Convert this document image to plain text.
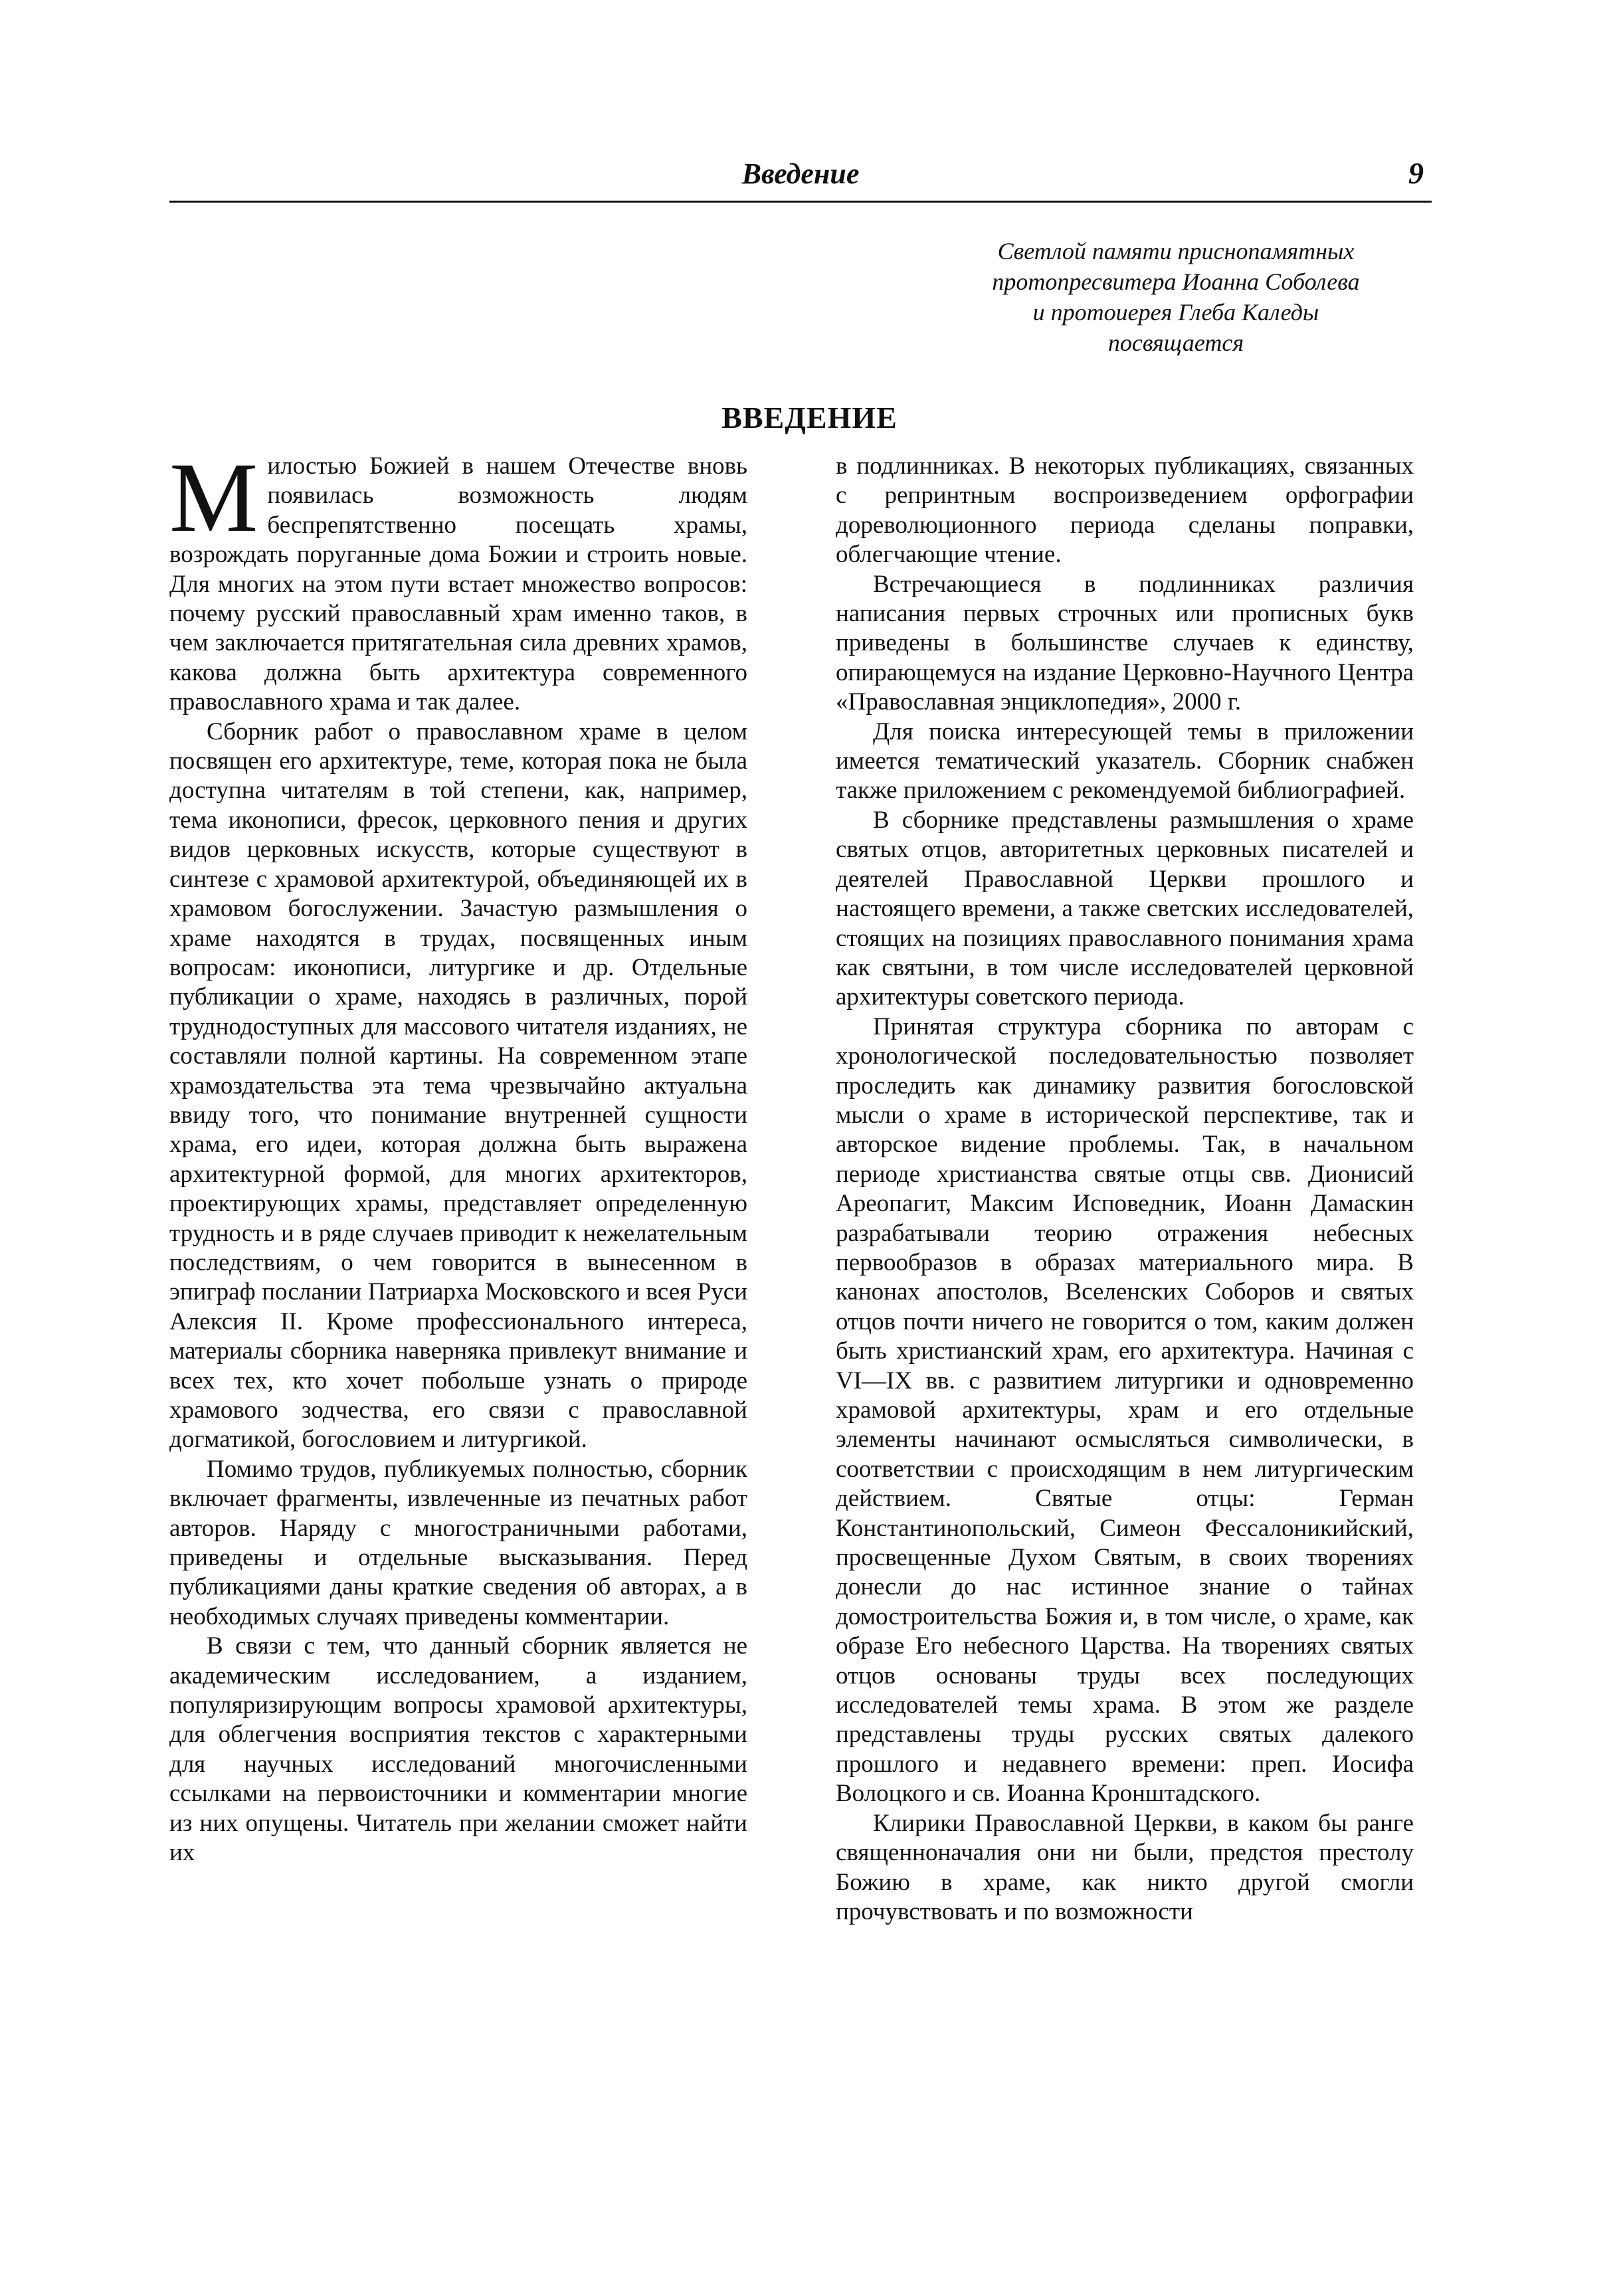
Введение	9
Светлой памяти приснопамятных
протопресвитера Иоанна Соболева
и протоиерея Глеба Каледы
посвящается
ВВЕДЕНИЕ

Милостью Божией в нашем Отечестве вновь появилась возможность людям беспрепятственно посещать храмы, возрождать поруганные дома Божии и строить новые. Для многих на этом пути встает множество вопросов: почему русский православный храм именно таков, в чем заключается притягательная сила древних храмов, какова должна быть архитектура современного православного храма и так далее.

Сборник работ о православном храме в целом посвящен его архитектуре, теме, которая пока не была доступна читателям в той степени, как, например, тема иконописи, фресок, церковного пения и других видов церковных искусств, которые существуют в синтезе с храмовой архитектурой, объединяющей их в храмовом богослужении. Зачастую размышления о храме находятся в трудах, посвященных иным вопросам: иконописи, литургике и др. Отдельные публикации о храме, находясь в различных, порой труднодоступных для массового читателя изданиях, не составляли полной картины. На современном этапе храмоздательства эта тема чрезвычайно актуальна ввиду того, что понимание внутренней сущности храма, его идеи, которая должна быть выражена архитектурной формой, для многих архитекторов, проектирующих храмы, представляет определенную трудность и в ряде случаев приводит к нежелательным последствиям, о чем говорится в вынесенном в эпиграф послании Патриарха Московского и всея Руси Алексия II. Кроме профессионального интереса, материалы сборника наверняка привлекут внимание и всех тех, кто хочет побольше узнать о природе храмового зодчества, его связи с православной догматикой, богословием и литургикой.

Помимо трудов, публикуемых полностью, сборник включает фрагменты, извлеченные из печатных работ авторов. Наряду с многостраничными работами, приведены и отдельные высказывания. Перед публикациями даны краткие сведения об авторах, а в необходимых случаях приведены комментарии.

В связи с тем, что данный сборник является не академическим исследованием, а изданием, популяризирующим вопросы храмовой архитектуры, для облегчения восприятия текстов с характерными для научных исследований многочисленными ссылками на первоисточники и комментарии многие из них опущены. Читатель при желании сможет найти их

в подлинниках. В некоторых публикациях, связанных с репринтным воспроизведением орфографии дореволюционного периода сделаны поправки, облегчающие чтение.

Встречающиеся в подлинниках различия написания первых строчных или прописных букв приведены в большинстве случаев к единству, опирающемуся на издание Церковно-Научного Центра «Православная энциклопедия», 2000 г.

Для поиска интересующей темы в приложении имеется тематический указатель. Сборник снабжен также приложением с рекомендуемой библиографией.

В сборнике представлены размышления о храме святых отцов, авторитетных церковных писателей и деятелей Православной Церкви прошлого и настоящего времени, а также светских исследователей, стоящих на позициях православного понимания храма как святыни, в том числе исследователей церковной архитектуры советского периода.

Принятая структура сборника по авторам с хронологической последовательностью позволяет проследить как динамику развития богословской мысли о храме в исторической перспективе, так и авторское видение проблемы. Так, в начальном периоде христианства святые отцы свв. Дионисий Ареопагит, Максим Исповедник, Иоанн Дамаскин разрабатывали теорию отражения небесных первообразов в образах материального мира. В канонах апостолов, Вселенских Соборов и святых отцов почти ничего не говорится о том, каким должен быть христианский храм, его архитектура. Начиная с VI—IX вв. с развитием литургики и одновременно храмовой архитектуры, храм и его отдельные элементы начинают осмысляться символически, в соответствии с происходящим в нем литургическим действием. Святые отцы: Герман Константинопольский, Симеон Фессалоникийский, просвещенные Духом Святым, в своих творениях донесли до нас истинное знание о тайнах домостроительства Божия и, в том числе, о храме, как образе Его небесного Царства. На творениях святых отцов основаны труды всех последующих исследователей темы храма. В этом же разделе представлены труды русских святых далекого прошлого и недавнего времени: преп. Иосифа Волоцкого и св. Иоанна Кронштадского.

Клирики Православной Церкви, в каком бы ранге священноначалия они ни были, предстоя престолу Божию в храме, как никто другой смогли прочувствовать и по возможности
